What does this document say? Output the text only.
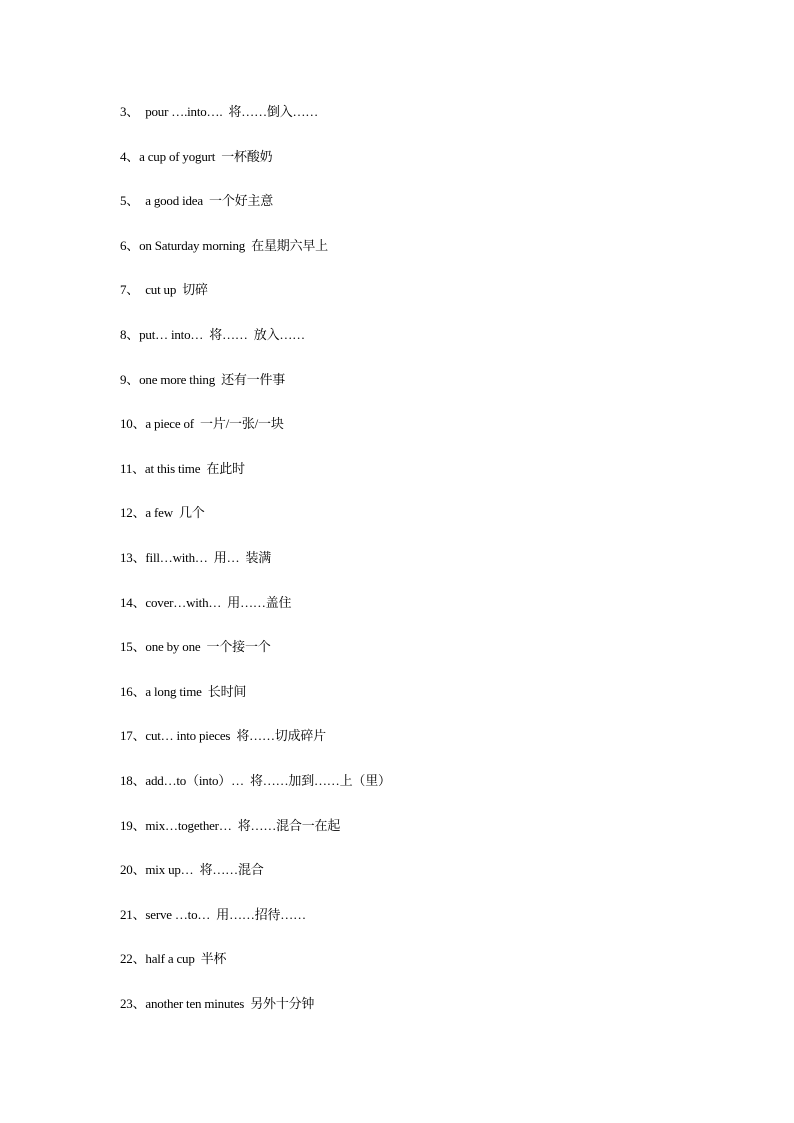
3、  pour ….into….  将……倒入……
4、a cup of yogurt  一杯酸奶
5、  a good idea  一个好主意
6、on Saturday morning  在星期六早上
7、  cut up  切碎
8、put… into…  将……  放入……
9、one more thing  还有一件事
10、a piece of  一片/一张/一块
11、at this time  在此时
12、a few  几个
13、fill…with…  用…  装满
14、cover…with…  用……盖住
15、one by one  一个接一个
16、a long time  长时间
17、cut… into pieces  将……切成碎片
18、add…to（into）…  将……加到……上（里）
19、mix…together…  将……混合一在起
20、mix up…  将……混合
21、serve …to…  用……招待……
22、half a cup  半杯
23、another ten minutes  另外十分钟
